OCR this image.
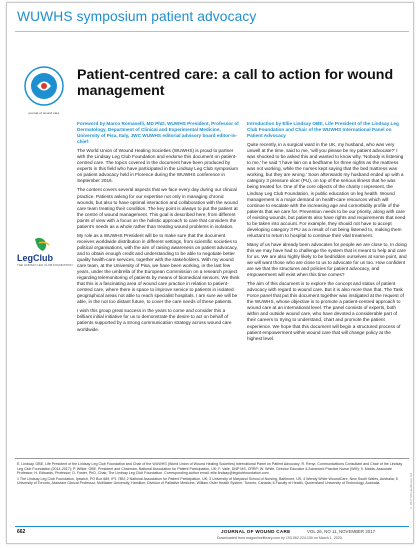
WUWHS symposium patient advocacy
journal of wound care
LegClub
THE LINDSAY LEG CLUB FOUNDATION
Patient-centred care: a call to action for wound management

Foreword by Marco Romanelli, MD PhD, WUWHS President, Professor of Dermatology, Department of Clinical and Experimental Medicine, University of Pisa, Italy, JWC WUWHS editorial advisory board editor-in-chief:

The World Union of Wound Healing Societies (WUWHS) is proud to partner with the Lindsay Leg Club Foundation and endorse this document on patient-centred care. The topics covered in the document have been produced by experts in this field who have participated in the Lindsay Leg Club symposium on patient advocacy held in Florence during the WUWHS conference in September 2016.

The content covers several aspects that we face every day during our clinical practice. Patients asking for our expertise not only in managing chronic wounds, but also to have optimal interaction and collaboration with the wound care team treating their condition. The key point is always to put the patient at the centre of wound management. This goal is described here, from different points of view with a focus on the holistic approach to care that considers the patient's needs as a whole rather than treating wound problems in isolation.

My role as a WUWHS President will be to make sure that the document receives worldwide distribution in different settings, from scientific societies to political organisations, with the aim of raising awareness on patient advocacy, and to obtain enough credit and understanding to be able to negotiate better quality health-care services, together with the stakeholders. With my wound care team, at the University of Pisa, we have been working, in the last few years, under the umbrella of the European Commission on a research project regarding telemonitoring of patients by means of biomedical sensors. We think that this is a fascinating area of wound care practice in relation to patient-centred care, where there is space to improve service to patients in isolated geographical areas not able to reach specialist hospitals. I am sure we will be able, in the not too distant future, to cover the care needs of these patients.

I wish this group great success in the years to come and consider this a brilliant initial initiative for us to demonstrate the desire to act on behalf of patients supported by a strong communication strategy across wound care worldwide.

Introduction by Ellie Lindsay OBE, Life President of the Lindsay Leg Club Foundation and Chair of the WUWHS International Panel on Patient Advocacy

Quite recently, in a surgical ward in the UK, my husband, who was very unwell at the time, said to me, 'will you please be my patient advocate?' I was shocked to be asked this and wanted to know why. 'Nobody is listening to me,' he said 'I have lain on a bedframe for three nights as the mattress was not working, while the nurses kept saying that the bed mattress was working, but they are wrong.' Soon afterwards my husband ended up with a category 3 pressure ulcer (PU), on top of the serious illness that he was being treated for. One of the core objects of the charity I represent, the Lindsay Leg Club Foundation, is public education on leg health. Wound management is a major demand on health-care resources which will continue to escalate with the increasing age and comorbidity profile of the patients that we care for. Prevention needs to be our priority, along with care of existing wounds, but patients also have rights and requirements that need to be taken into account. For example, they should not have to accept developing category 3 PU as a result of not being listened to, making them reluctant to return to hospital to continue their vital treatment.

Many of us have already been advocates for people we are close to. In doing this we may have had to challenge the system that is meant to help and care for us. We are also highly likely to be bedridden ourselves at some point, and we will want those who are close to us to advocate for us too. How confident are we that the structures and policies for patient advocacy, and empowerment will exist when this time comes?

The aim of this document is to explore the concept and status of patient advocacy with regard to wound care. But it is also more than that. The Task Force panel that put this document together was instigated at the request of the WUWHS, whose objective is to promote a patient-centred approach to wound care at an international level. The panel consists of experts, both within and outside wound care, who have devoted a considerable part of their careers to trying to understand, chart and promote the patient experience. We hope that this document will begin a structured process of patient empowerment within wound care that will change policy at the highest level.

E. Lindsay, OBE, Life President of the Lindsay Leg Club Foundation and Chair of the WUWHS (World Union of Wound Healing Societies) International Panel on Patient Advocacy; R. Renyi, Communications Consultant and Chair of the Lindsay Leg Club Foundation (2014-2017); P. Wilkie, OBE, President and Chairman, National Association for Patient Participation, UK; F. Valle, DNP MS, CRRP; W. White, Director Educator & Advanced Practice Nurse (WM); V. Maida, Associate Professor; H. Edwards, Professor; D. Foster, PhD, Chair, The Lindsay Leg Club Foundation. Corresponding author email: ellie.lindsay@legclubfoundation.com

1 The Lindsay Leg Club Foundation, Ipswich, PO Box 689, IP1 7BN; 2 National Association for Patient Participation, UK; 3 University of Maryland School of Nursing, Baltimore, US; 4 Wendy White WoundCare, New South Wales, Australia; 5 University of Toronto, Assistant Clinical Professor, McMaster University, Hamilton; Division of Palliative Medicine, William Osler Health System, Toronto, Canada; 6 Faculty of Health, Queensland University of Technology, Australia.	© 2017 MA Healthcare Ltd
662	JOURNAL OF WOUND CARE	VOL 26, NO 11, NOVEMBER 2017
Downloaded from magonlinelibrary.com by 193.062.224.150 on March 1, 2020.
